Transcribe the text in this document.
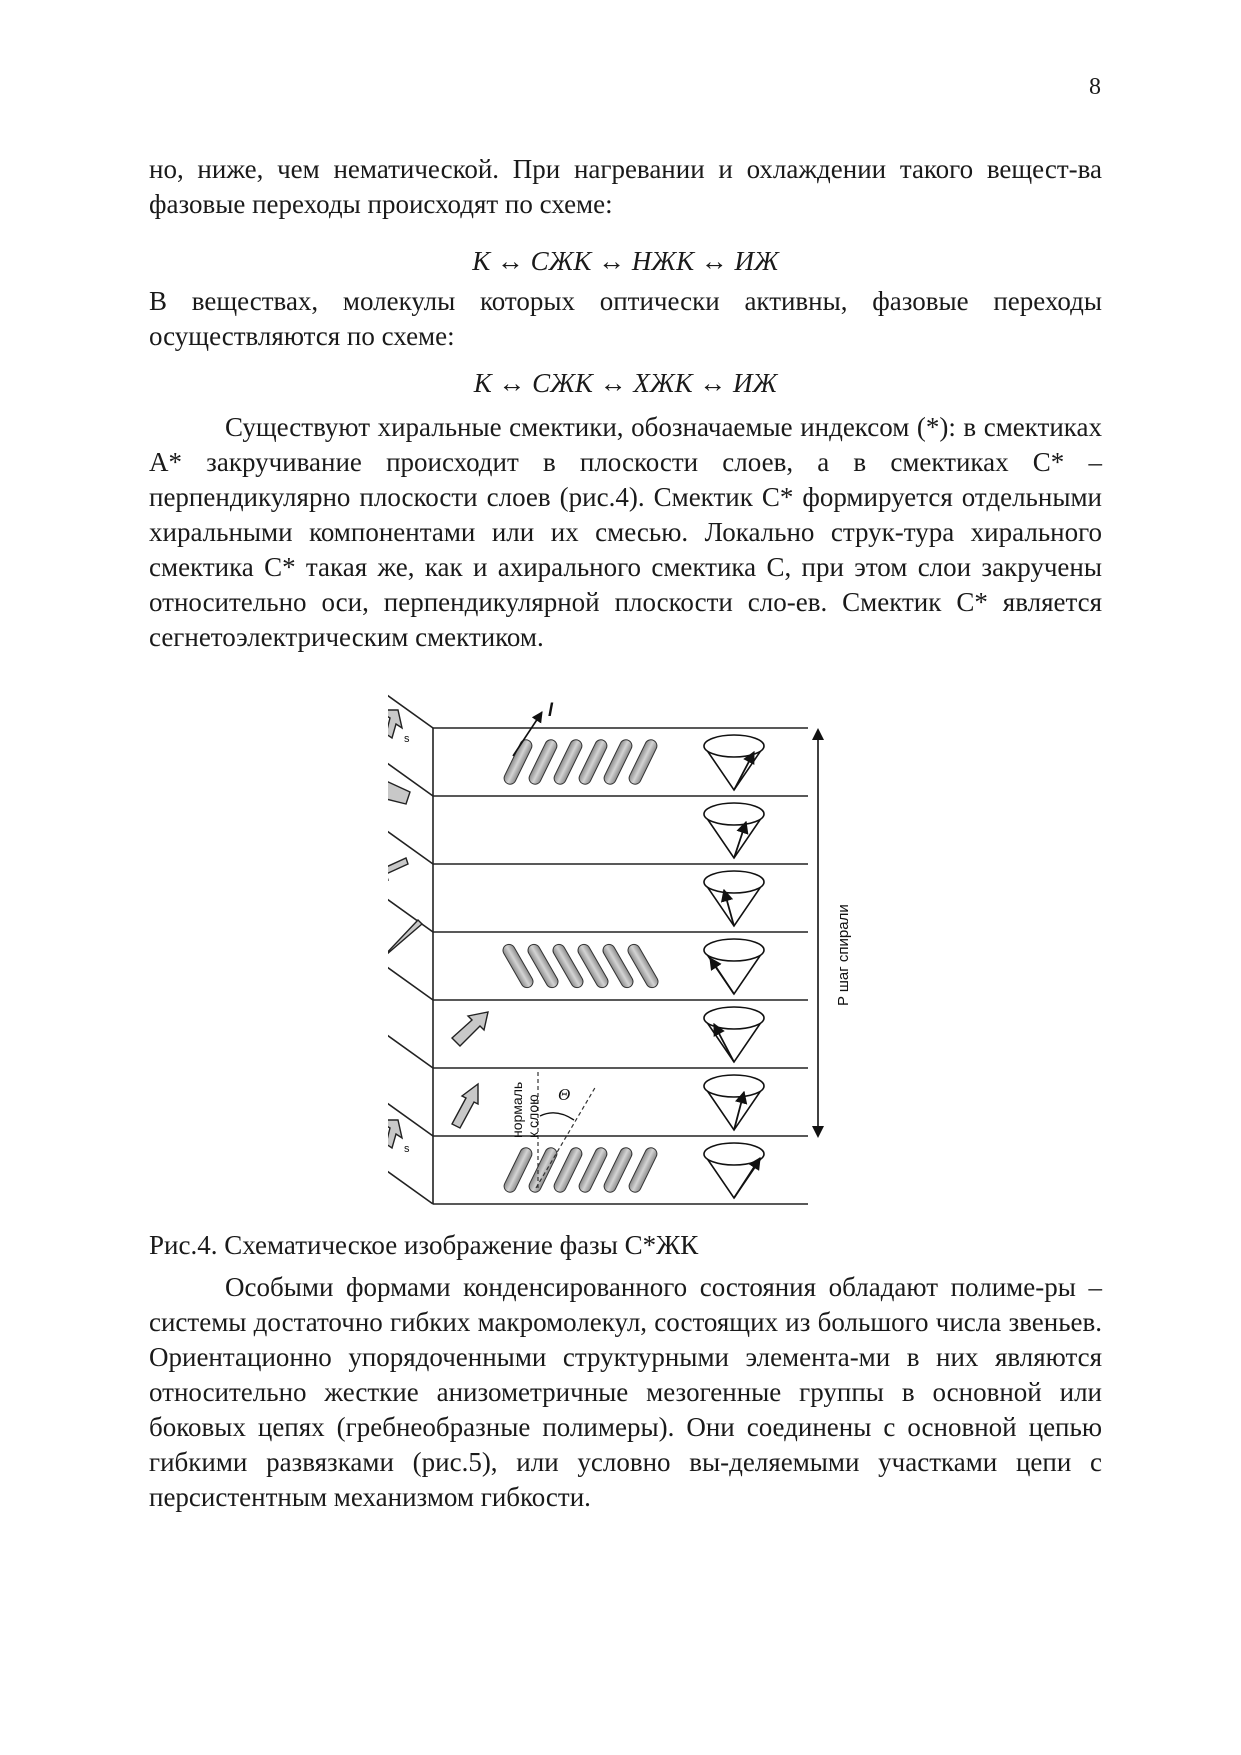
8

но, ниже, чем нематической. При нагревании и охлаждении такого вещест-ва фазовые переходы происходят по схеме:

К ↔ СЖК ↔ НЖК ↔ ИЖ

В веществах, молекулы которых оптически активны, фазовые переходы осуществляются по схеме:

К ↔ СЖК ↔ ХЖК ↔ ИЖ

Существуют хиральные смектики, обозначаемые индексом (*): в смектиках А* закручивание происходит в плоскости слоев, а в смектиках С* – перпендикулярно плоскости слоев (рис.4). Смектик С* формируется отдельными хиральными компонентами или их смесью. Локально струк-тура хирального смектика С* такая же, как и ахирального смектика С, при этом слои закручены относительно оси, перпендикулярной плоскости сло-ев. Смектик С* является сегнетоэлектрическим смектиком.

l
s
s
P шаг спирали
нормаль к слою Θ
Рис.4. Схематическое изображение фазы С*ЖК

Особыми формами конденсированного состояния обладают полиме-ры – системы достаточно гибких макромолекул, состоящих из большого числа звеньев. Ориентационно упорядоченными структурными элемента-ми в них являются относительно жесткие анизометричные мезогенные группы в основной или боковых цепях (гребнеобразные полимеры). Они соединены с основной цепью гибкими развязками (рис.5), или условно вы-деляемыми участками цепи с персистентным механизмом гибкости.
